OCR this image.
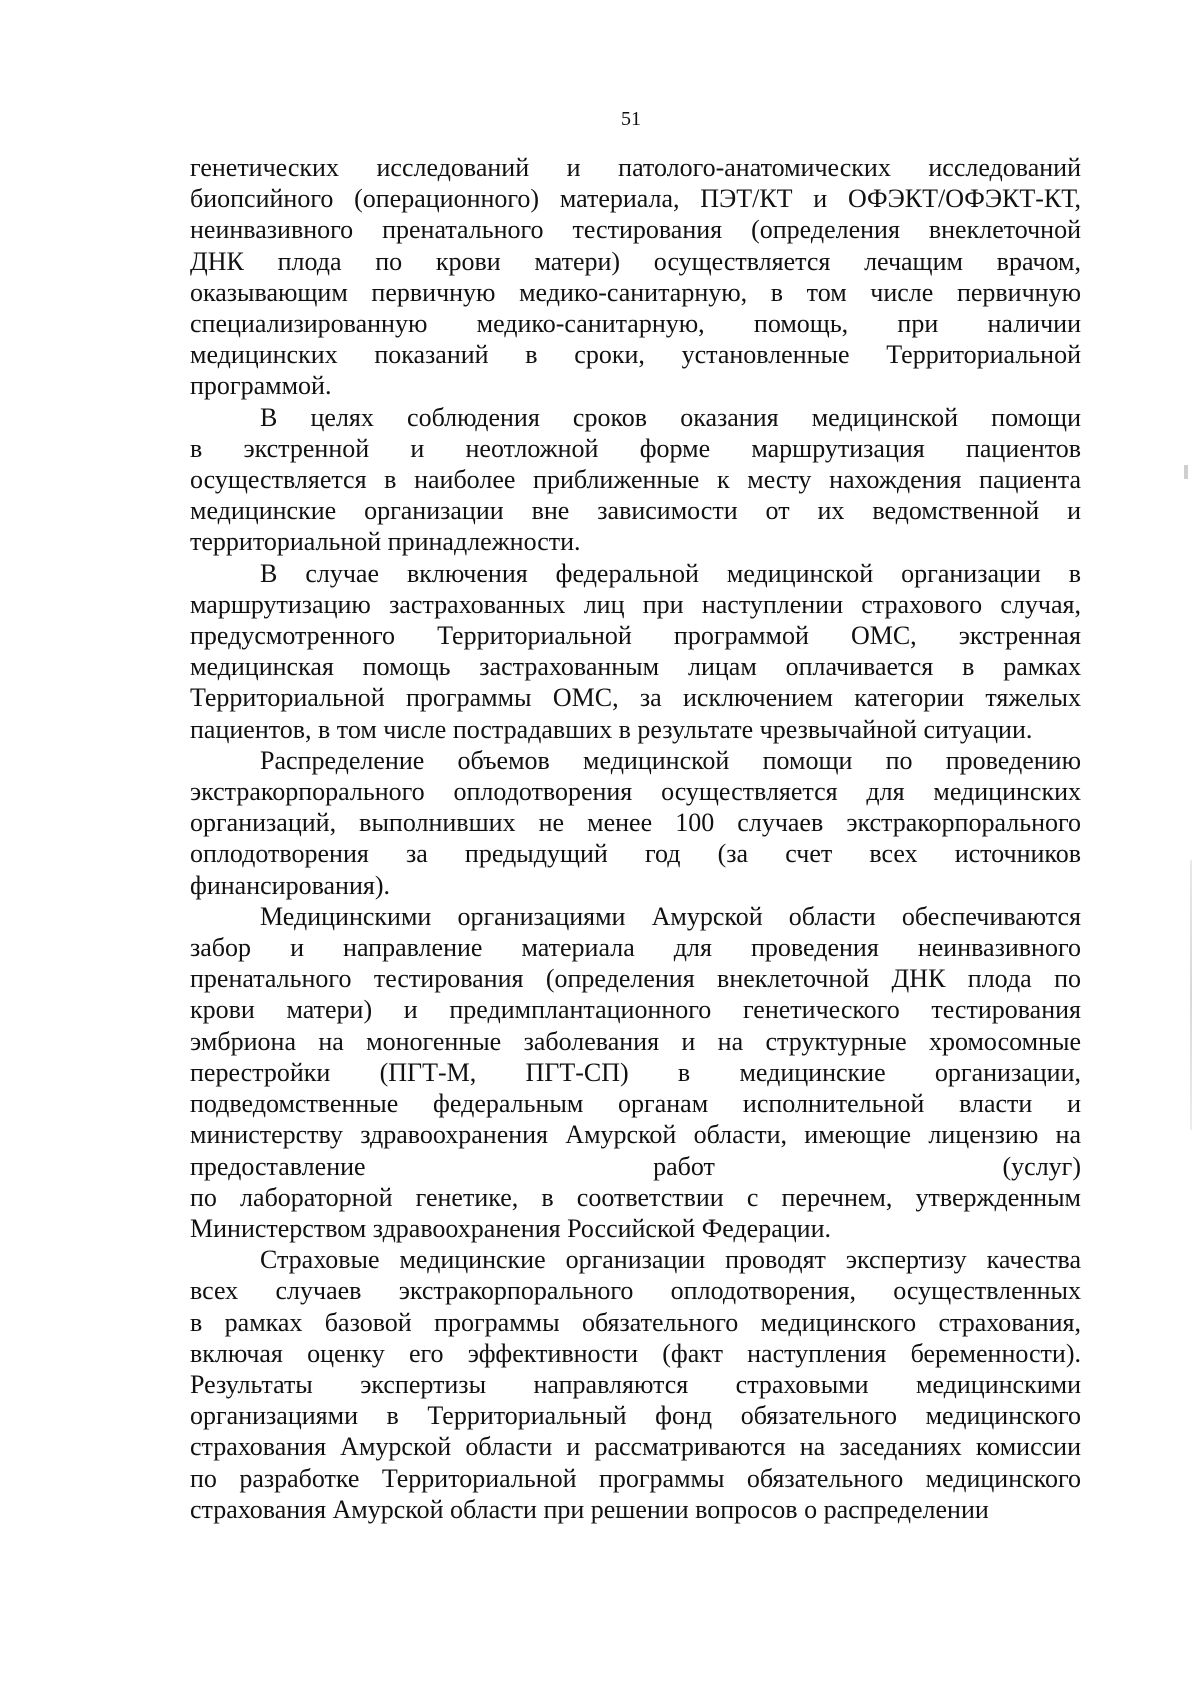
51
генетических исследований и патолого-анатомических исследований
биопсийного (операционного) материала, ПЭТ/КТ и ОФЭКТ/ОФЭКТ-КТ,
неинвазивного пренатального тестирования (определения внеклеточной
ДНК плода по крови матери) осуществляется лечащим врачом,
оказывающим первичную медико-санитарную, в том числе первичную
специализированную медико-санитарную, помощь, при наличии
медицинских показаний в сроки, установленные Территориальной
программой.
В целях соблюдения сроков оказания медицинской помощи
в экстренной и неотложной форме маршрутизация пациентов
осуществляется в наиболее приближенные к месту нахождения пациента
медицинские организации вне зависимости от их ведомственной и
территориальной принадлежности.
В случае включения федеральной медицинской организации в
маршрутизацию застрахованных лиц при наступлении страхового случая,
предусмотренного Территориальной программой ОМС, экстренная
медицинская помощь застрахованным лицам оплачивается в рамках
Территориальной программы ОМС, за исключением категории тяжелых
пациентов, в том числе пострадавших в результате чрезвычайной ситуации.
Распределение объемов медицинской помощи по проведению
экстракорпорального оплодотворения осуществляется для медицинских
организаций, выполнивших не менее 100 случаев экстракорпорального
оплодотворения за предыдущий год (за счет всех источников
финансирования).
Медицинскими организациями Амурской области обеспечиваются
забор и направление материала для проведения неинвазивного
пренатального тестирования (определения внеклеточной ДНК плода по
крови матери) и предимплантационного генетического тестирования
эмбриона на моногенные заболевания и на структурные хромосомные
перестройки (ПГТ-М, ПГТ-СП) в медицинские организации,
подведомственные федеральным органам исполнительной власти и
министерству здравоохранения Амурской области, имеющие лицензию на
предоставление работ (услуг)
по лабораторной генетике, в соответствии с перечнем, утвержденным
Министерством здравоохранения Российской Федерации.
Страховые медицинские организации проводят экспертизу качества
всех случаев экстракорпорального оплодотворения, осуществленных
в рамках базовой программы обязательного медицинского страхования,
включая оценку его эффективности (факт наступления беременности).
Результаты экспертизы направляются страховыми медицинскими
организациями в Территориальный фонд обязательного медицинского
страхования Амурской области и рассматриваются на заседаниях комиссии
по разработке Территориальной программы обязательного медицинского
страхования Амурской области при решении вопросов о распределении
